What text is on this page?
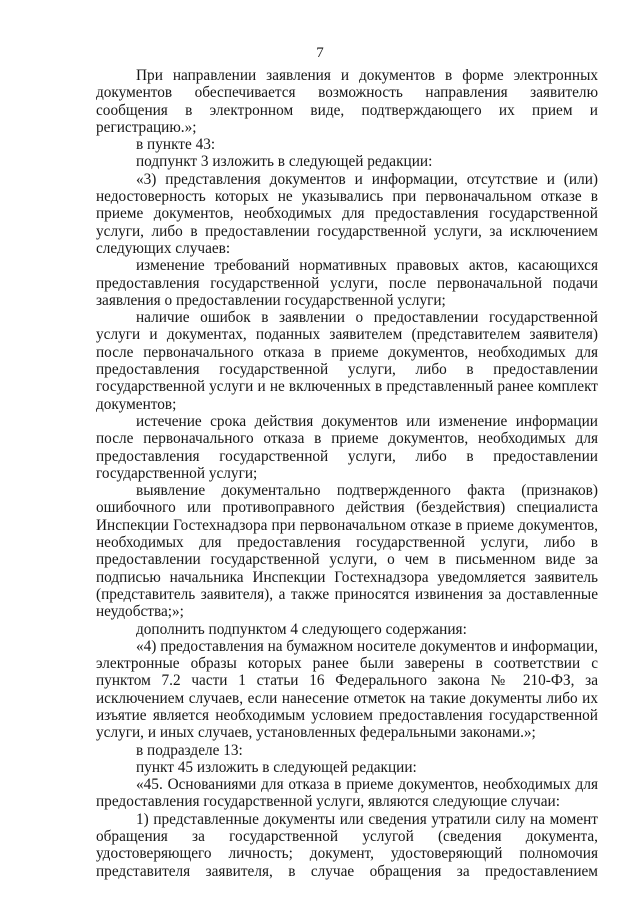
7

При направлении заявления и документов в форме электронных документов обеспечивается возможность направления заявителю сообщения в электронном виде, подтверждающего их прием и регистрацию.»;

в пункте 43:

подпункт 3 изложить в следующей редакции:

«3) представления документов и информации, отсутствие и (или) недостоверность которых не указывались при первоначальном отказе в приеме документов, необходимых для предоставления государственной услуги, либо в предоставлении государственной услуги, за исключением следующих случаев:

изменение требований нормативных правовых актов, касающихся предоставления государственной услуги, после первоначальной подачи заявления о предоставлении государственной услуги;

наличие ошибок в заявлении о предоставлении государственной услуги и документах, поданных заявителем (представителем заявителя) после первоначального отказа в приеме документов, необходимых для предоставления государственной услуги, либо в предоставлении государственной услуги и не включенных в представленный ранее комплект документов;

истечение срока действия документов или изменение информации после первоначального отказа в приеме документов, необходимых для предоставления государственной услуги, либо в предоставлении государственной услуги;

выявление документально подтвержденного факта (признаков) ошибочного или противоправного действия (бездействия) специалиста Инспекции Гостехнадзора при первоначальном отказе в приеме документов, необходимых для предоставления государственной услуги, либо в предоставлении государственной услуги, о чем в письменном виде за подписью начальника Инспекции Гостехнадзора уведомляется заявитель (представитель заявителя), а также приносятся извинения за доставленные неудобства;»;

дополнить подпунктом 4 следующего содержания:

«4) предоставления на бумажном носителе документов и информации, электронные образы которых ранее были заверены в соответствии с пунктом 7.2 части 1 статьи 16 Федерального закона № 210-ФЗ, за исключением случаев, если нанесение отметок на такие документы либо их изъятие является необходимым условием предоставления государственной услуги, и иных случаев, установленных федеральными законами.»;

в подразделе 13:

пункт 45 изложить в следующей редакции:

«45. Основаниями для отказа в приеме документов, необходимых для предоставления государственной услуги, являются следующие случаи:

1) представленные документы или сведения утратили силу на момент обращения за государственной услугой (сведения документа, удостоверяющего личность; документ, удостоверяющий полномочия представителя заявителя, в случае обращения за предоставлением
